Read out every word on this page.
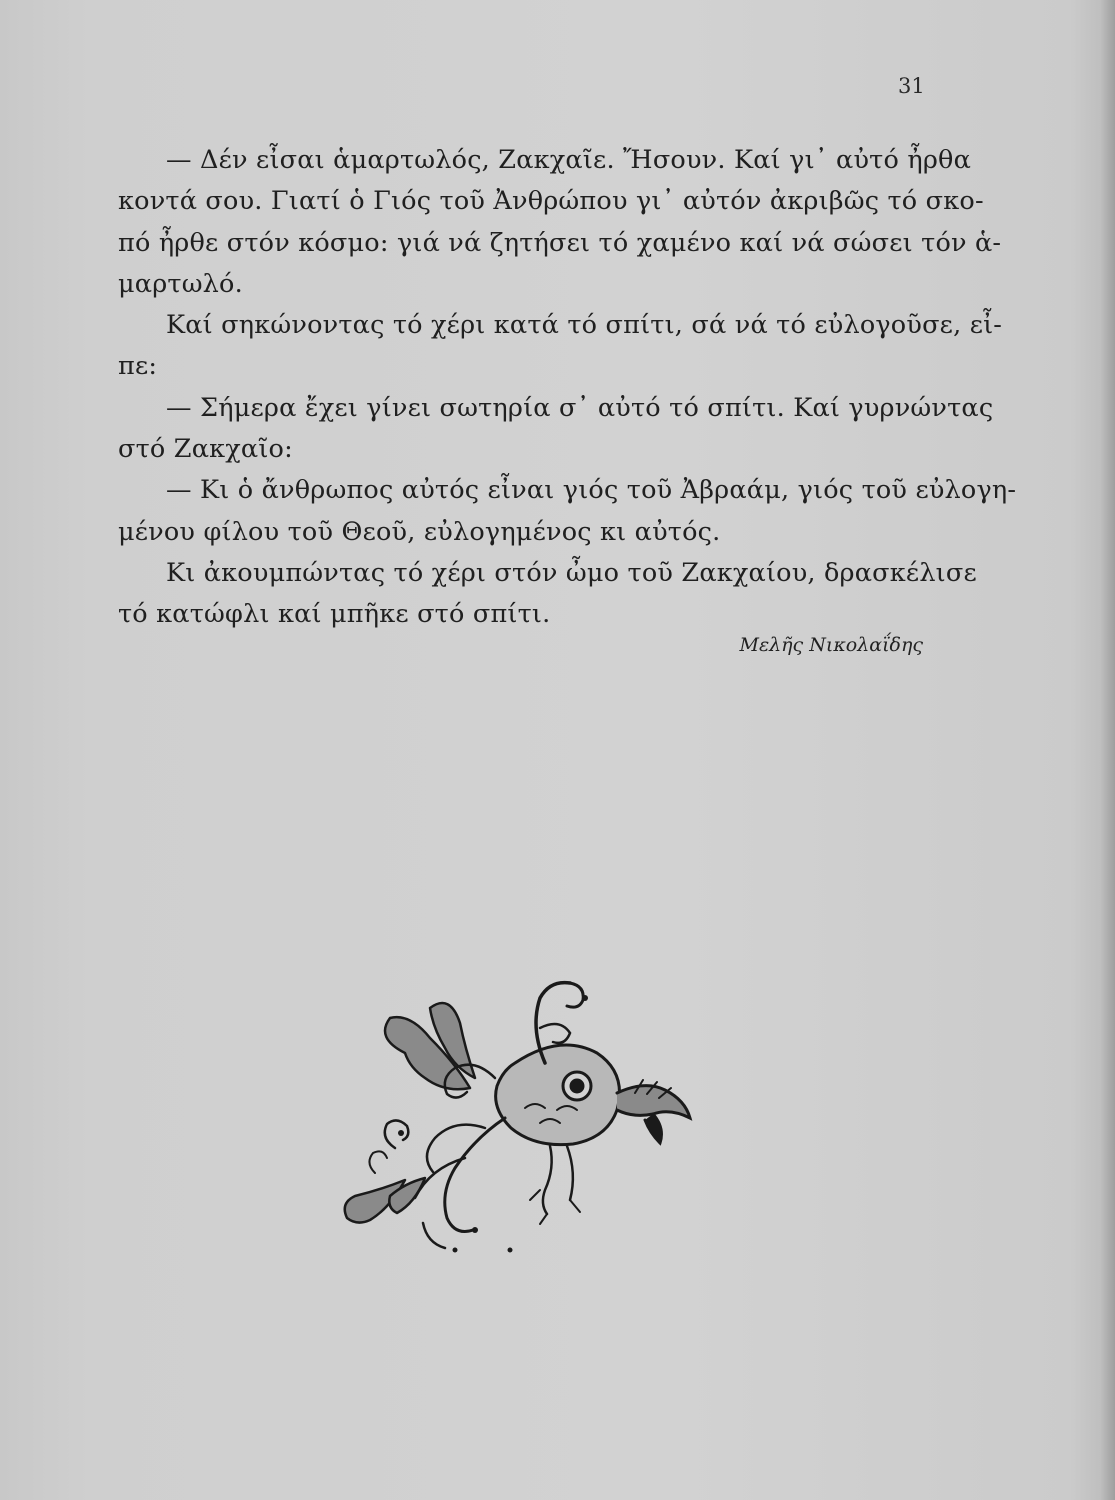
31
— Δέν εἶσαι ἁμαρτωλός, Ζακχαῖε. Ἤσουν. Καί γι᾽ αὐτό ἦρθα
κοντά σου. Γιατί ὁ Γιός τοῦ Ἀνθρώπου γι᾽ αὐτόν ἀκριβῶς τό σκο-
πό ἦρθε στόν κόσμο: γιά νά ζητήσει τό χαμένο καί νά σώσει τόν ἁ-
μαρτωλό.
Καί σηκώνοντας τό χέρι κατά τό σπίτι, σά νά τό εὐλογοῦσε, εἶ-
πε:
— Σήμερα ἔχει γίνει σωτηρία σ᾽ αὐτό τό σπίτι. Καί γυρνώντας
στό Ζακχαῖο:
— Κι ὁ ἄνθρωπος αὐτός εἶναι γιός τοῦ Ἀβραάμ, γιός τοῦ εὐλογη-
μένου φίλου τοῦ Θεοῦ, εὐλογημένος κι αὐτός.
Κι ἀκουμπώντας τό χέρι στόν ὦμο τοῦ Ζακχαίου, δρασκέλισε
τό κατώφλι καί μπῆκε στό σπίτι.
Μελῆς Νικολαΐδης
